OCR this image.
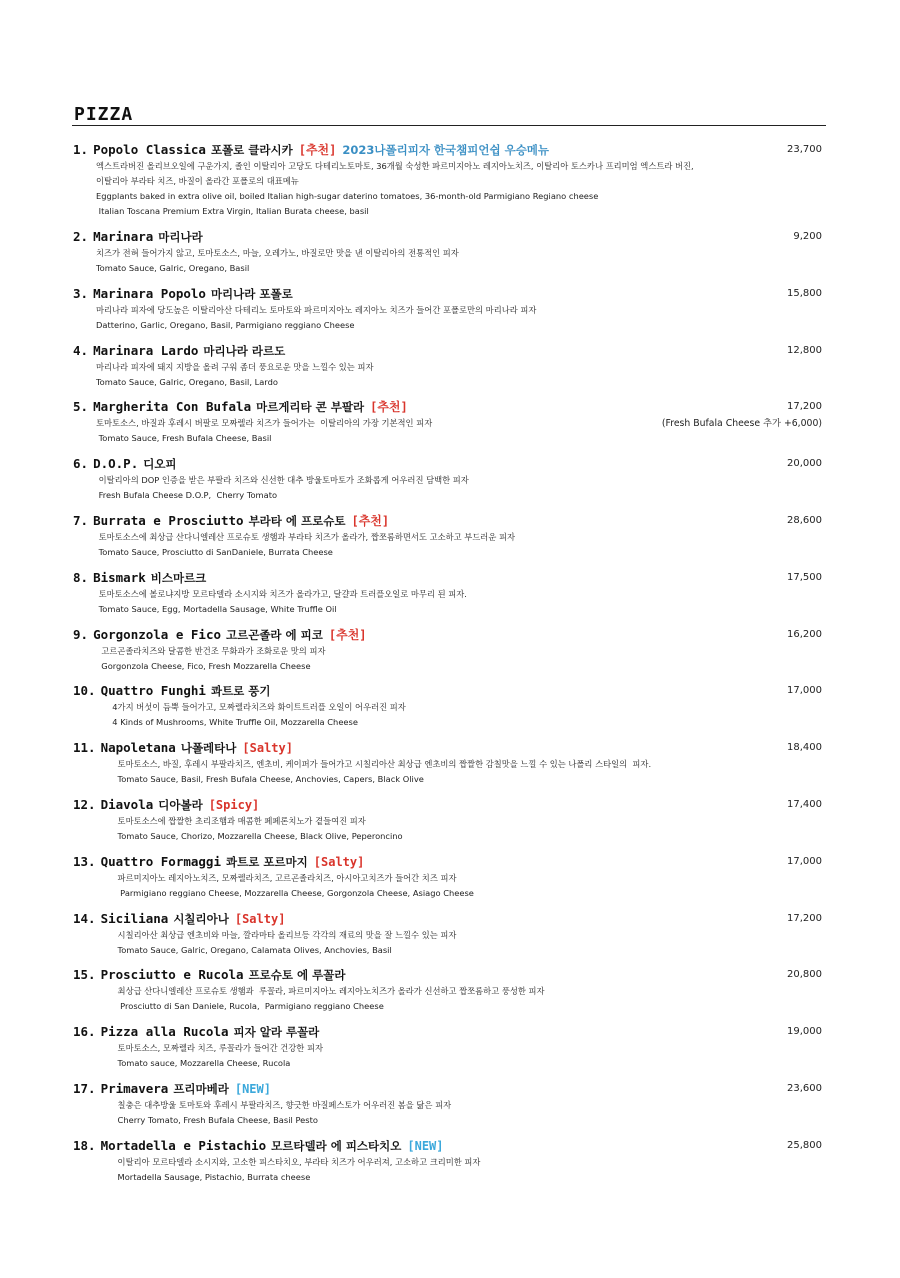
PIZZA
1. Popolo Classica 포폴로 클라시카 [추천] 2023나폴리피자 한국챔피언쉽 우승메뉴	23,700
엑스트라버진 올리브오일에 구운가지, 졸인 이탈리아 고당도 다테리노토마토, 36개월 숙성한 파르미지아노 레지아노치즈, 이탈리아 토스카나 프리미엄 엑스트라 버진,
이탈리아 부라타 치즈, 바질이 올라간 포폴로의 대표메뉴
Eggplants baked in extra olive oil, boiled Italian high-sugar daterino tomatoes, 36-month-old Parmigiano Regiano cheese
Italian Toscana Premium Extra Virgin, Italian Burata cheese, basil
2. Marinara 마리나라	9,200
치즈가 전혀 들어가지 않고, 토마토소스, 마늘, 오레가노, 바질로만 맛을 낸 이탈리아의 전통적인 피자
Tomato Sauce, Galric, Oregano, Basil
3. Marinara Popolo 마리나라 포폴로	15,800
마리나라 피자에 당도높은 이탈리아산 다테리노 토마토와 파르미지아노 레지아노 치즈가 들어간 포폴로만의 마리나라 피자
Datterino, Garlic, Oregano, Basil, Parmigiano reggiano Cheese
4. Marinara Lardo 마리나라 라르도	12,800
마리나라 피자에 돼지 지방을 올려 구워 좀더 풍요로운 맛을 느낄수 있는 피자
Tomato Sauce, Galric, Oregano, Basil, Lardo
5. Margherita Con Bufala 마르게리타 콘 부팔라 [추천]	17,200
(Fresh Bufala Cheese 추가 +6,000)
토마토소스, 바질과 후레시 버팔로 모짜렐라 치즈가 들어가는  이탈리아의 가장 기본적인 피자
Tomato Sauce, Fresh Bufala Cheese, Basil
6. D.O.P. 디오피	20,000
이탈리아의 DOP 인증을 받은 부팔라 치즈와 신선한 대추 방울토마토가 조화롭게 어우러진 담백한 피자
Fresh Bufala Cheese D.O.P,  Cherry Tomato
7. Burrata e Prosciutto 부라타 에 프로슈토 [추천]	28,600
토마토소스에 최상급 산다니엘레산 프로슈토 생햄과 부라타 치즈가 올라가, 짭쪼롬하면서도 고소하고 부드러운 피자
Tomato Sauce, Prosciutto di SanDaniele, Burrata Cheese
8. Bismark 비스마르크	17,500
토마토소스에 볼로냐지방 모르타델라 소시지와 치즈가 올라가고, 달걀과 트러플오일로 마무리 된 피자.
Tomato Sauce, Egg, Mortadella Sausage, White Truffle Oil
9. Gorgonzola e Fico 고르곤졸라 에 피코 [추천]	16,200
고르곤졸라치즈와 달콤한 반건조 무화과가 조화로운 맛의 피자
Gorgonzola Cheese, Fico, Fresh Mozzarella Cheese
10. Quattro Funghi 콰트로 풍기	17,000
4가지 버섯이 듬뿍 들어가고, 모짜렐라치즈와 화이트트러플 오일이 어우러진 피자
4 Kinds of Mushrooms, White Truffle Oil, Mozzarella Cheese
11. Napoletana 나폴레타나 [Salty]	18,400
토마토소스, 바질, 후레시 부팔라치즈, 엔초비, 케이퍼가 들어가고 시칠리아산 최상급 엔초비의 짭짤한 감칠맛을 느낄 수 있는 나폴리 스타일의  피자.
Tomato Sauce, Basil, Fresh Bufala Cheese, Anchovies, Capers, Black Olive
12. Diavola 디아볼라 [Spicy]	17,400
토마토소스에 짭짤한 초리조햄과 매콤한 페페론치노가 곁들여진 피자
Tomato Sauce, Chorizo, Mozzarella Cheese, Black Olive, Peperoncino
13. Quattro Formaggi 콰트로 포르마지 [Salty]	17,000
파르미지아노 레지아노치즈, 모짜렐라치즈, 고르곤졸라치즈, 아시아고치즈가 들어간 치즈 피자
Parmigiano reggiano Cheese, Mozzarella Cheese, Gorgonzola Cheese, Asiago Cheese
14. Siciliana 시칠리아나 [Salty]	17,200
시칠리아산 최상급 엔초비와 마늘, 깔라마타 올리브등 각각의 재료의 맛을 잘 느낄수 있는 피자
Tomato Sauce, Galric, Oregano, Calamata Olives, Anchovies, Basil
15. Prosciutto e Rucola 프로슈토 에 루꼴라	20,800
최상급 산다니엘레산 프로슈토 생햄과  루꼴라, 파르미지아노 레지아노치즈가 올라가 신선하고 짭쪼롬하고 풍성한 피자
Prosciutto di San Daniele, Rucola,  Parmigiano reggiano Cheese
16. Pizza alla Rucola 피자 알라 루꼴라	19,000
토마토소스, 모짜렐라 치즈, 루꼴라가 들어간 건강한 피자
Tomato sauce, Mozzarella Cheese, Rucola
17. Primavera 프리마베라 [NEW]	23,600
칠충은 대추방울 토마토와 후레시 부팔라치즈, 향긋한 바질페스토가 어우러진 봄을 닮은 피자
Cherry Tomato, Fresh Bufala Cheese, Basil Pesto
18. Mortadella e Pistachio 모르타델라 에 피스타치오 [NEW]	25,800
이탈리아 모르타델라 소시지와, 고소한 피스타치오, 부라타 치즈가 어우러져, 고소하고 크리미한 피자
Mortadella Sausage, Pistachio, Burrata cheese
